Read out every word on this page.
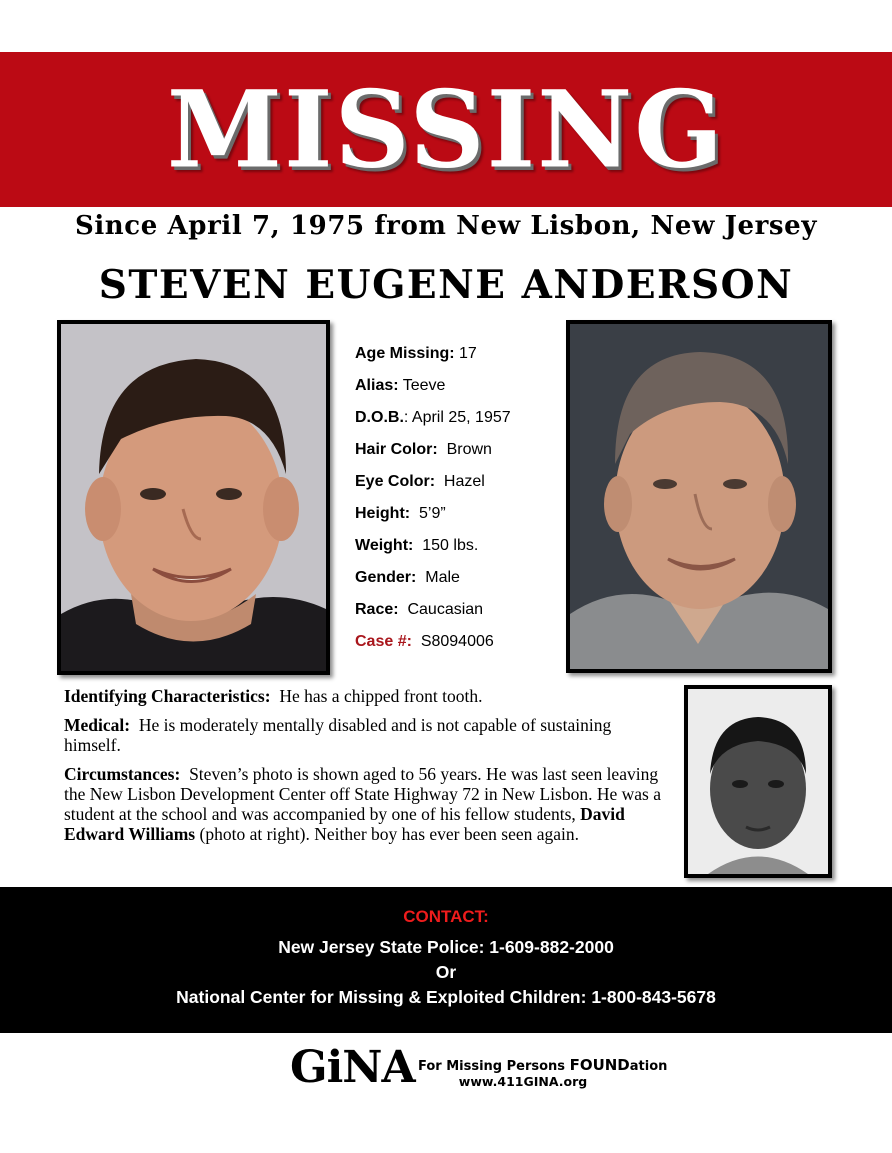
MISSING
Since April 7, 1975 from New Lisbon, New Jersey
STEVEN EUGENE ANDERSON
Age Missing: 17
Alias: Teeve
D.O.B.: April 25, 1957
Hair Color: Brown
Eye Color: Hazel
Height: 5’9”
Weight: 150 lbs.
Gender: Male
Race: Caucasian
Case #: S8094006

Identifying Characteristics: He has a chipped front tooth.

Medical: He is moderately mentally disabled and is not capable of sustaining himself.

Circumstances: Steven’s photo is shown aged to 56 years. He was last seen leaving the New Lisbon Development Center off State Highway 72 in New Lisbon. He was a student at the school and was accompanied by one of his fellow students, David Edward Williams (photo at right). Neither boy has ever been seen again.

CONTACT:
New Jersey State Police: 1-609-882-2000
Or
National Center for Missing & Exploited Children: 1-800-843-5678
GiNA For Missing Persons FOUNDation
www.411GINA.org
